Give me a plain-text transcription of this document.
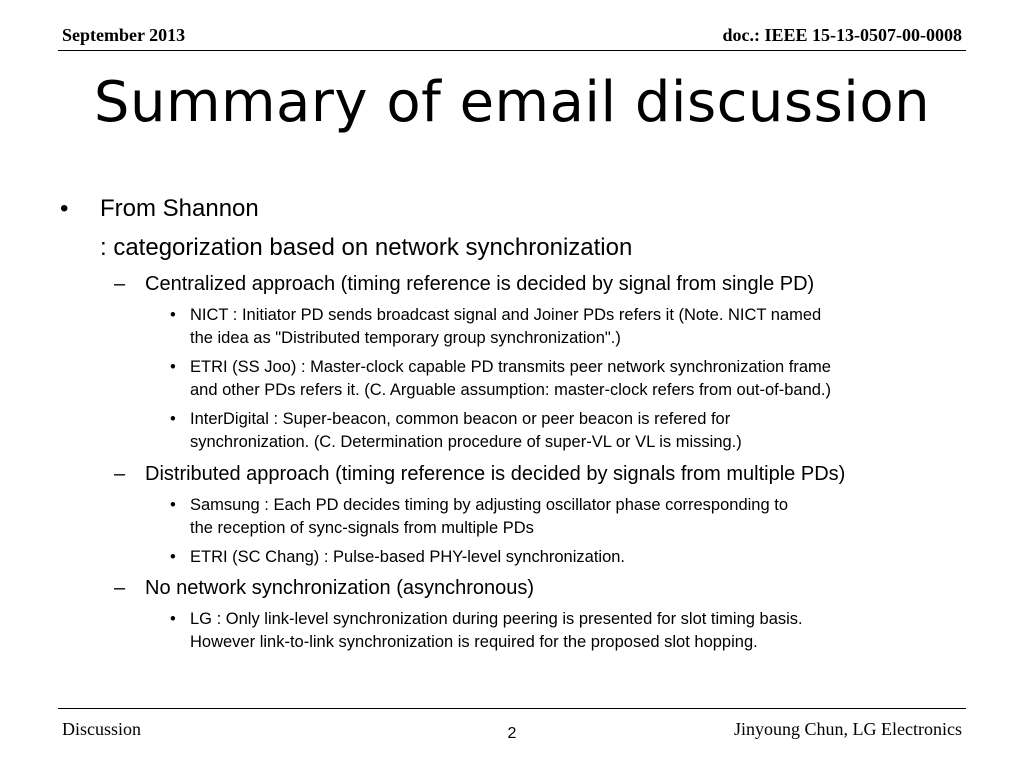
September 2013	doc.: IEEE 15-13-0507-00-0008
Summary of email discussion
• From Shannon
: categorization based on network synchronization
– Centralized approach (timing reference is decided by signal from single PD)
• NICT : Initiator PD sends broadcast signal and Joiner PDs refers it (Note. NICT named
the idea as "Distributed temporary group synchronization".)
• ETRI (SS Joo) : Master-clock capable PD transmits peer network synchronization frame
and other PDs refers it. (C. Arguable assumption: master-clock refers from out-of-band.)
• InterDigital : Super-beacon, common beacon or peer beacon is refered for
synchronization. (C. Determination procedure of super-VL or VL is missing.)
– Distributed approach (timing reference is decided by signals from multiple PDs)
• Samsung : Each PD decides timing by adjusting oscillator phase corresponding to
the reception of sync-signals from multiple PDs
• ETRI (SC Chang) : Pulse-based PHY-level synchronization.
– No network synchronization (asynchronous)
• LG : Only link-level synchronization during peering is presented for slot timing basis.
However link-to-link synchronization is required for the proposed slot hopping.
Discussion	2	Jinyoung Chun, LG Electronics
